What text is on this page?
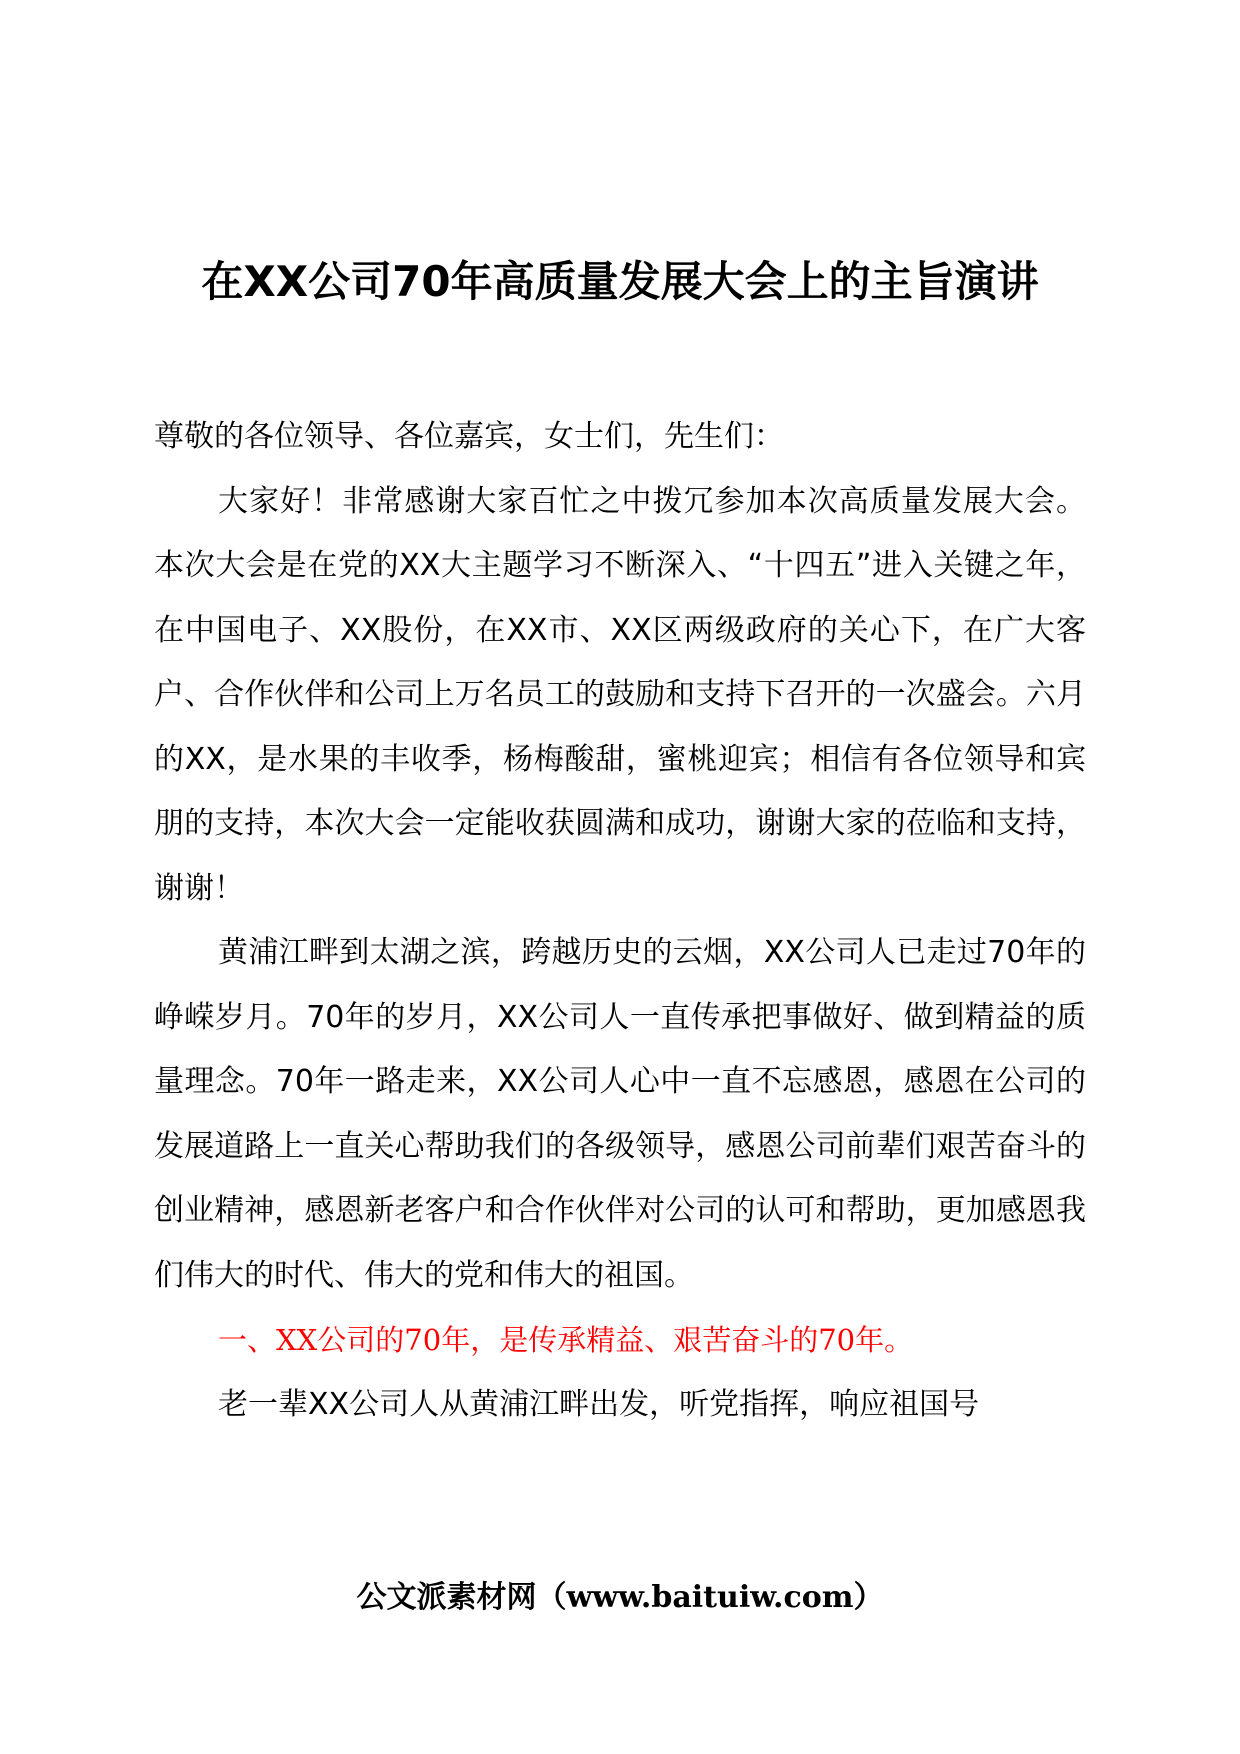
在XX公司70年高质量发展大会上的主旨演讲

尊敬的各位领导、各位嘉宾，女士们，先生们：

大家好！非常感谢大家百忙之中拨冗参加本次高质量发展大会。本次大会是在党的XX大主题学习不断深入、“十四五”进入关键之年，在中国电子、XX股份，在XX市、XX区两级政府的关心下，在广大客户、合作伙伴和公司上万名员工的鼓励和支持下召开的一次盛会。六月的XX，是水果的丰收季，杨梅酸甜，蜜桃迎宾；相信有各位领导和宾朋的支持，本次大会一定能收获圆满和成功，谢谢大家的莅临和支持，谢谢！

黄浦江畔到太湖之滨，跨越历史的云烟，XX公司人已走过70年的峥嵘岁月。70年的岁月，XX公司人一直传承把事做好、做到精益的质量理念。70年一路走来，XX公司人心中一直不忘感恩，感恩在公司的发展道路上一直关心帮助我们的各级领导，感恩公司前辈们艰苦奋斗的创业精神，感恩新老客户和合作伙伴对公司的认可和帮助，更加感恩我们伟大的时代、伟大的党和伟大的祖国。

一、XX公司的70年，是传承精益、艰苦奋斗的70年。

老一辈XX公司人从黄浦江畔出发，听党指挥，响应祖国号

公文派素材网（www.baituiw.com）
